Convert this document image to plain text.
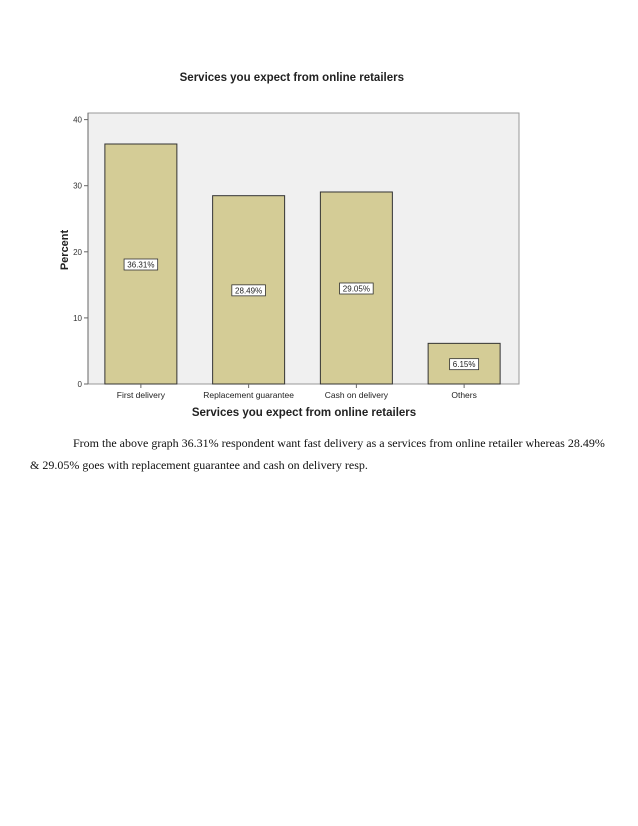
Services you expect from online retailers
0
10
20
30
40
36.31%
28.49%	29.05%
6.15%
First delivery	Replacement guarantee	Cash on delivery	Others
Percent
Services you expect from online retailers
From the above graph 36.31% respondent want fast delivery as a services from online retailer whereas 28.49% & 29.05% goes with replacement guarantee and cash on delivery resp.
